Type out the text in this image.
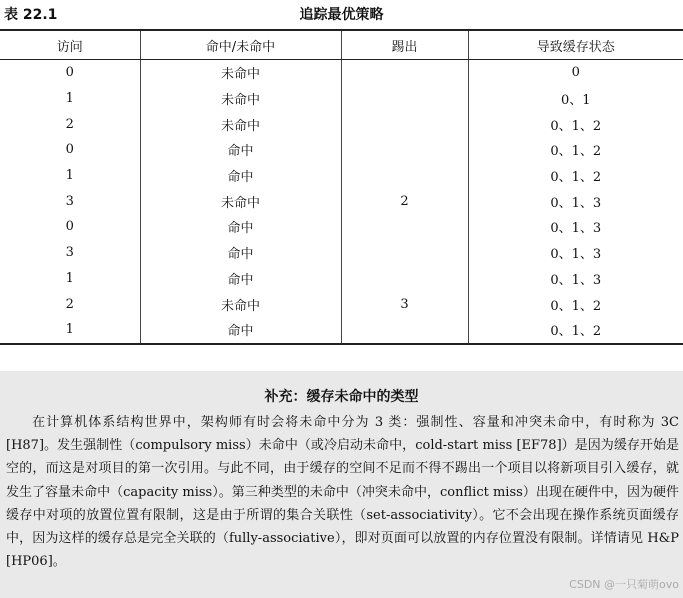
表 22.1	追踪最优策略
访问	命中/未命中	踢出	导致缓存状态
0	未命中		0
1	未命中		0、1
2	未命中		0、1、2
0	命中		0、1、2
1	命中		0、1、2
3	未命中	2	0、1、3
0	命中		0、1、3
3	命中		0、1、3
1	命中		0、1、3
2	未命中	3	0、1、2
1	命中		0、1、2
补充：缓存未命中的类型

在计算机体系结构世界中，架构师有时会将未命中分为 3 类：强制性、容量和冲突未命中，有时称为 3C [H87]。发生强制性（compulsory miss）未命中（或冷启动未命中，cold-start miss [EF78]）是因为缓存开始是空的，而这是对项目的第一次引用。与此不同，由于缓存的空间不足而不得不踢出一个项目以将新项目引入缓存，就发生了容量未命中（capacity miss）。第三种类型的未命中（冲突未命中，conflict miss）出现在硬件中，因为硬件缓存中对项的放置位置有限制，这是由于所谓的集合关联性（set-associativity）。它不会出现在操作系统页面缓存中，因为这样的缓存总是完全关联的（fully-associative），即对页面可以放置的内存位置没有限制。详情请见 H&P [HP06]。

CSDN @一只菊萌ovo
